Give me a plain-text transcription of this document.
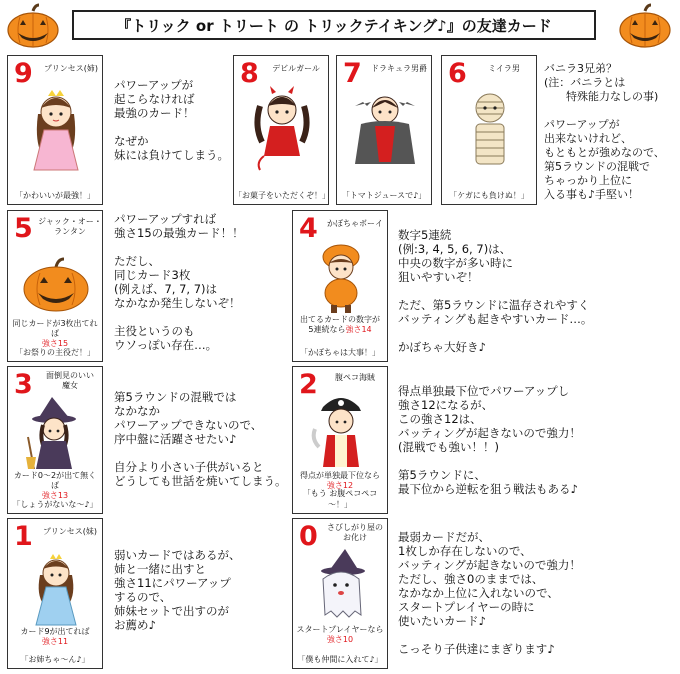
『トリック or トリート の トリックテイキング♪』の友達カード
9	プリンセス(姉)
「かわいいが最強！」
パワーアップが
起こらなければ
最強のカード！

なぜか
妹には負けてしまう。
8	デビルガール
「お菓子をいただくぞ！」
7	ドラキュラ男爵
「トマトジュースで♪」
6	ミイラ男
「ケガにも負けぬ！」
バニラ3兄弟？
(注：バニラとは
　　特殊能力なしの事)

パワーアップが
出来ないけれど、
もともとが強めなので、
第5ラウンドの混戦で
ちゃっかり上位に
入る事も♪手堅い！
5 ジャック・オー・
ランタン
同じカードが3枚出てれば
強さ15
「お祭りの主役だ！」
パワーアップすれば
強さ15の最強カード！！

ただし、
同じカード3枚
(例えば、7, 7, 7)は
なかなか発生しないぞ！

主役というのも
ウソっぽい存在…。
4	かぼちゃボーイ
出てるカードの数字が
5連続なら強さ14
「かぼちゃは大事！」
数字5連続
(例:3, 4, 5, 6, 7)は、
中央の数字が多い時に
狙いやすいぞ！

ただ、第5ラウンドに温存されやすく
バッティングも起きやすいカード…。

かぼちゃ大好き♪
3	面倒見のいい
魔女
カード0～2が出て無くば
強さ13
「しょうがないな～♪」
第5ラウンドの混戦では
なかなか
パワーアップできないので、
序中盤に活躍させたい♪

自分より小さい子供がいると
どうしても世話を焼いてしまう。
2	腹ペコ海賊
得点が単独最下位なら
強さ12
「もう お腹ペコペコ～！」
得点単独最下位でパワーアップし
強さ12になるが、
この強さ12は、
バッティングが起きないので強力！
(混戦でも強い！！)

第5ラウンドに、
最下位から逆転を狙う戦法もある♪
1	プリンセス(妹)
カード9が出てれば
強さ11
「お姉ちゃ～ん♪」
弱いカードではあるが、
姉と一緒に出すと
強さ11にパワーアップ
するので、
姉妹セットで出すのが
お薦め♪
0	さびしがり屋の
お化け
スタートプレイヤーなら
強さ10
「僕も仲間に入れて♪」
最弱カードだが、
1枚しか存在しないので、
バッティングが起きないので強力！
ただし、強さ0のままでは、
なかなか上位に入れないので、
スタートプレイヤーの時に
使いたいカード♪

こっそり子供達にまぎります♪
